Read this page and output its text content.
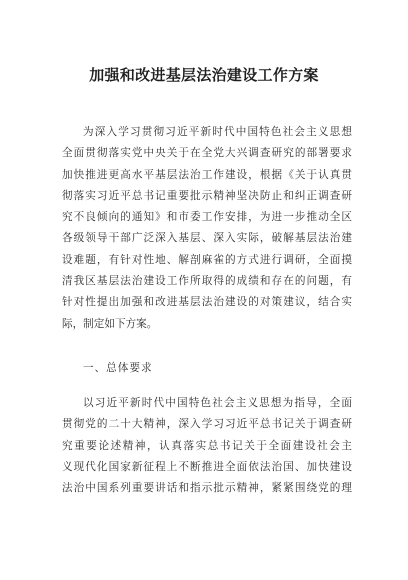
加强和改进基层法治建设工作方案
为深入学习贯彻习近平新时代中国特色社会主义思想
全面贯彻落实党中央关于在全党大兴调查研究的部署要求
加快推进更高水平基层法治工作建设，根据《关于认真贯
彻落实习近平总书记重要批示精神坚决防止和纠正调查研
究不良倾向的通知》和市委工作安排，为进一步推动全区
各级领导干部广泛深入基层、深入实际，破解基层法治建
设难题，有针对性地、解剖麻雀的方式进行调研，全面摸
清我区基层法治建设工作所取得的成绩和存在的问题，有
针对性提出加强和改进基层法治建设的对策建议，结合实
际，制定如下方案。
一、总体要求
以习近平新时代中国特色社会主义思想为指导，全面
贯彻党的二十大精神，深入学习习近平总书记关于调查研
究重要论述精神，认真落实总书记关于全面建设社会主
义现代化国家新征程上不断推进全面依法治国、加快建设
法治中国系列重要讲话和指示批示精神，紧紧围绕党的理
